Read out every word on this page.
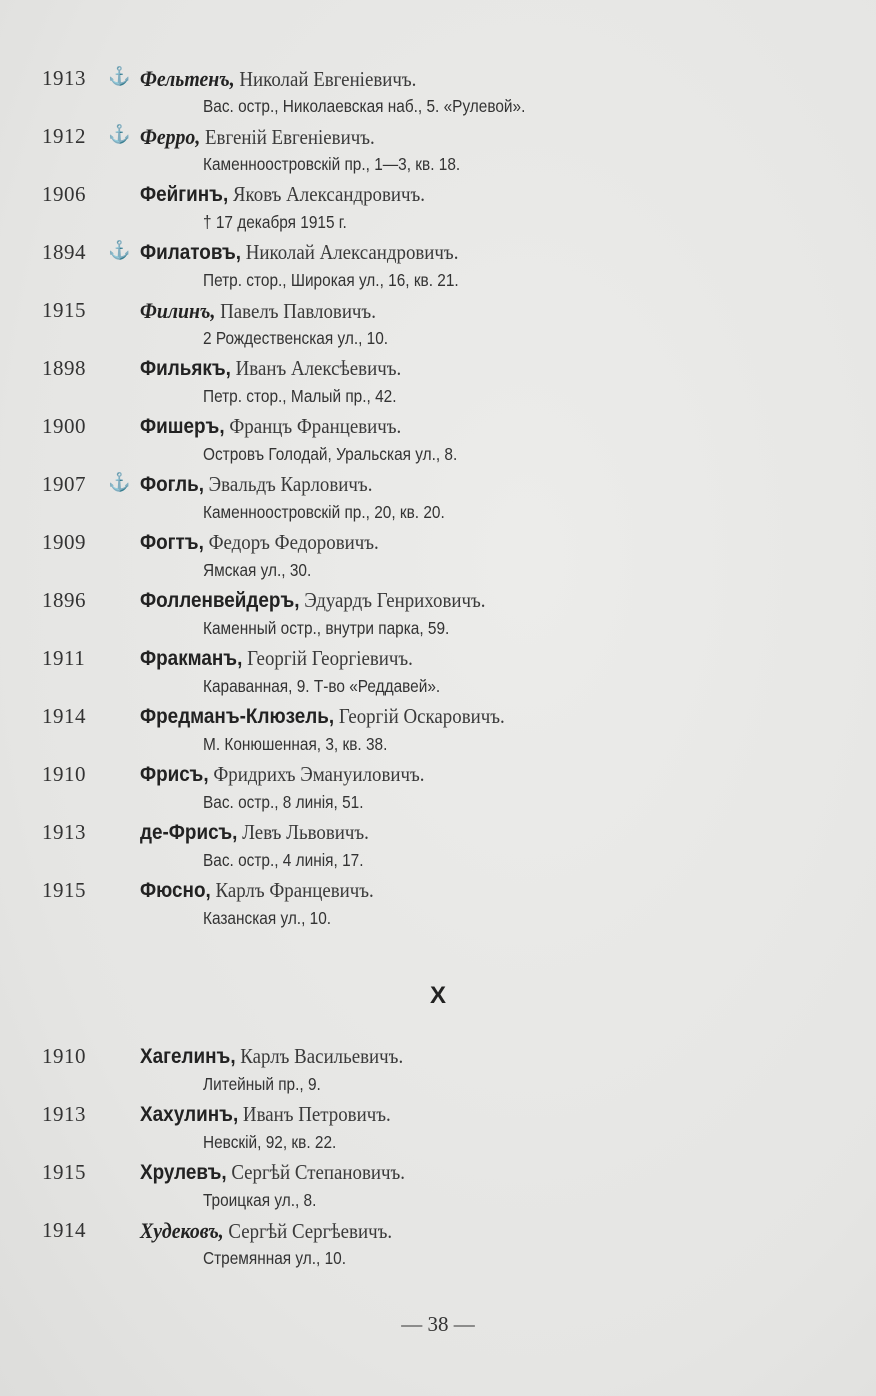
1913 ⚓ Фельтенъ, Николай Евгеніевичъ.
Вас. остр., Николаевская наб., 5. «Рулевой».
1912 ⚓ Ферро, Евгеній Евгеніевичъ.
Каменноостровскій пр., 1—3, кв. 18.
1906	Фейгинъ, Яковъ Александровичъ.
† 17 декабря 1915 г.
1894 ⚓ Филатовъ, Николай Александровичъ.
Петр. стор., Широкая ул., 16, кв. 21.
1915 Филинъ, Павелъ Павловичъ.
2 Рождественская ул., 10.
1898	Фильякъ, Иванъ Алексѣевичъ.
Петр. стор., Малый пр., 42.
1900	Фишеръ, Францъ Францевичъ.
Островъ Голодай, Уральская ул., 8.
1907 ⚓ Фогль, Эвальдъ Карловичъ.
Каменноостровскій пр., 20, кв. 20.
1909	Фогтъ, Федоръ Федоровичъ.
Ямская ул., 30.
1896	Фолленвейдеръ, Эдуардъ Генриховичъ.
Каменный остр., внутри парка, 59.
1911	Фракманъ, Георгій Георгіевичъ.
Караванная, 9. Т-во «Реддавей».
1914	Фредманъ-Клюзель, Георгій Оскаровичъ.
М. Конюшенная, 3, кв. 38.
1910	Фрисъ, Фридрихъ Эмануиловичъ.
Вас. остр., 8 линія, 51.
1913	де-Фрисъ, Левъ Львовичъ.
Вас. остр., 4 линія, 17.
1915	Фюсно, Карлъ Францевичъ.
Казанская ул., 10.
Х
1910	Хагелинъ, Карлъ Васильевичъ.
Литейный пр., 9.
1913	Хахулинъ, Иванъ Петровичъ.
Невскій, 92, кв. 22.
1915	Хрулевъ, Сергѣй Степановичъ.
Троицкая ул., 8.
1914 Худековъ, Сергѣй Сергѣевичъ.
Стремянная ул., 10.
— 38 —
